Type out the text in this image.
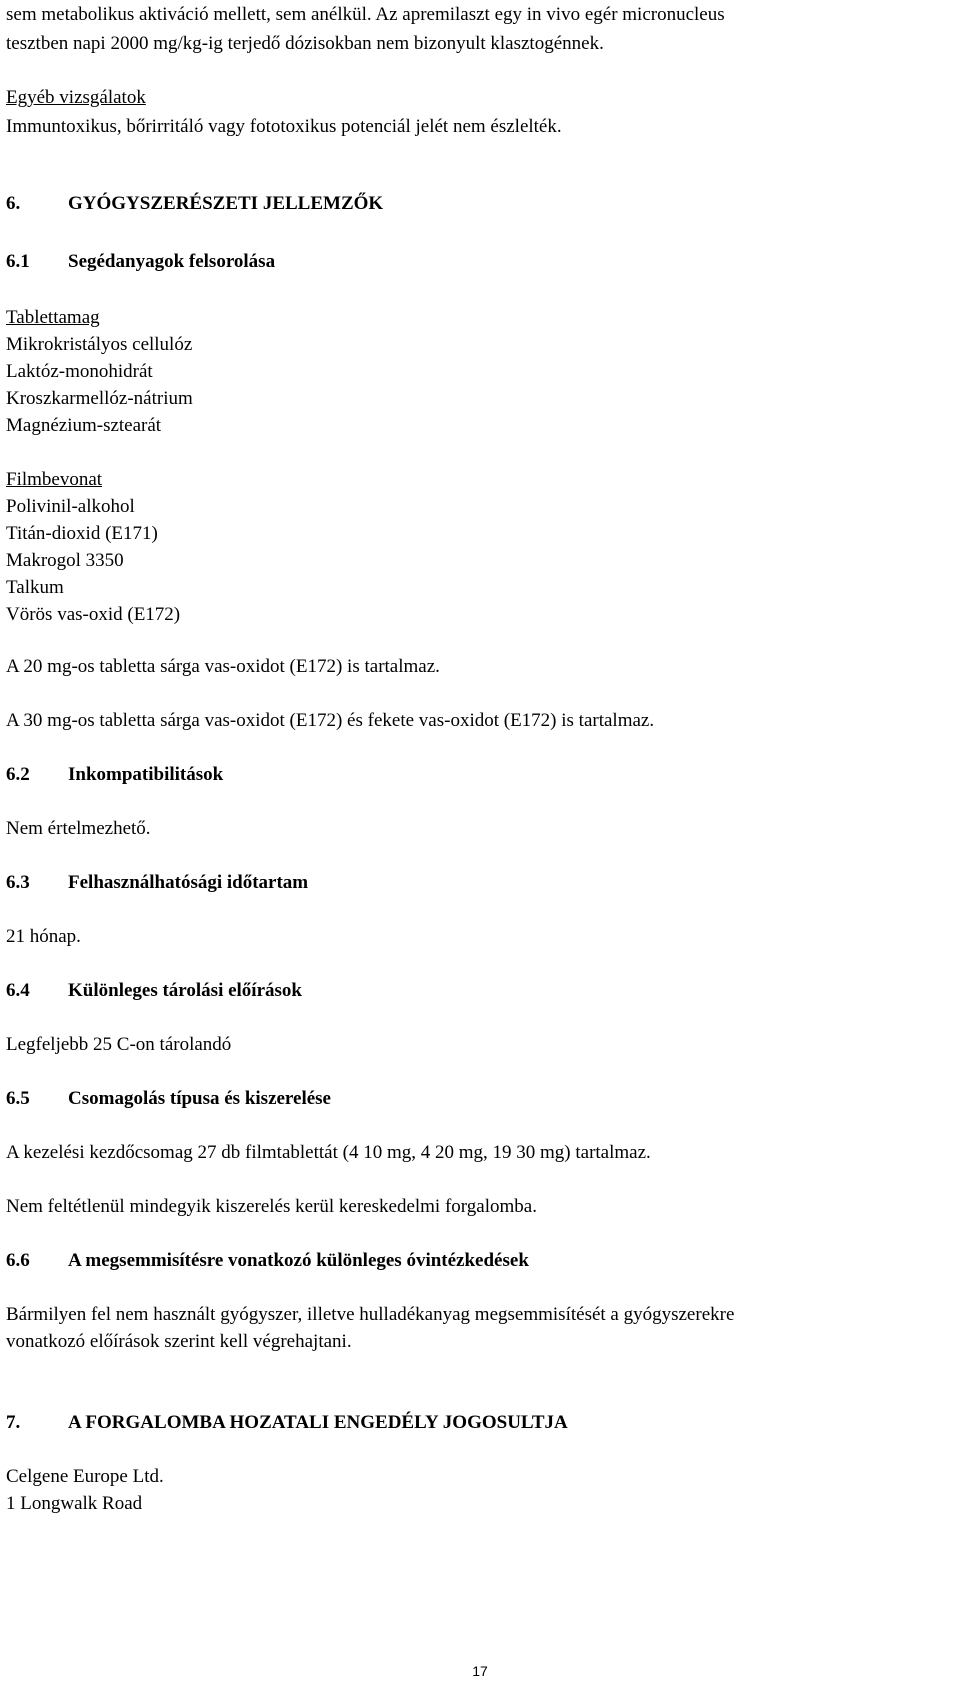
sem metabolikus aktiváció mellett, sem anélkül. Az apremilaszt egy in vivo egér micronucleus

tesztben napi 2000 mg/kg-ig terjedő dózisokban nem bizonyult klasztogénnek.

Egyéb vizsgálatok

Immuntoxikus, bőrirritáló vagy fototoxikus potenciál jelét nem észlelték.

6.	GYÓGYSZERÉSZETI JELLEMZŐK
6.1	Segédanyagok felsorolása

Tablettamag

Mikrokristályos cellulóz

Laktóz-monohidrát

Kroszkarmellóz-nátrium

Magnézium-sztearát

Filmbevonat

Polivinil-alkohol

Titán-dioxid (E171)

Makrogol 3350

Talkum

Vörös vas-oxid (E172)

A 20 mg-os tabletta sárga vas-oxidot (E172) is tartalmaz.

A 30 mg-os tabletta sárga vas-oxidot (E172) és fekete vas-oxidot (E172) is tartalmaz.

6.2	Inkompatibilitások

Nem értelmezhető.

6.3	Felhasználhatósági időtartam

21 hónap.

6.4	Különleges tárolási előírások

Legfeljebb 25 C-on tárolandó

6.5	Csomagolás típusa és kiszerelése

A kezelési kezdőcsomag 27 db filmtablettát (4 10 mg, 4 20 mg, 19 30 mg) tartalmaz.

Nem feltétlenül mindegyik kiszerelés kerül kereskedelmi forgalomba.

6.6	A megsemmisítésre vonatkozó különleges óvintézkedések

Bármilyen fel nem használt gyógyszer, illetve hulladékanyag megsemmisítését a gyógyszerekre

vonatkozó előírások szerint kell végrehajtani.

7.	A FORGALOMBA HOZATALI ENGEDÉLY JOGOSULTJA

Celgene Europe Ltd.

1 Longwalk Road

17
